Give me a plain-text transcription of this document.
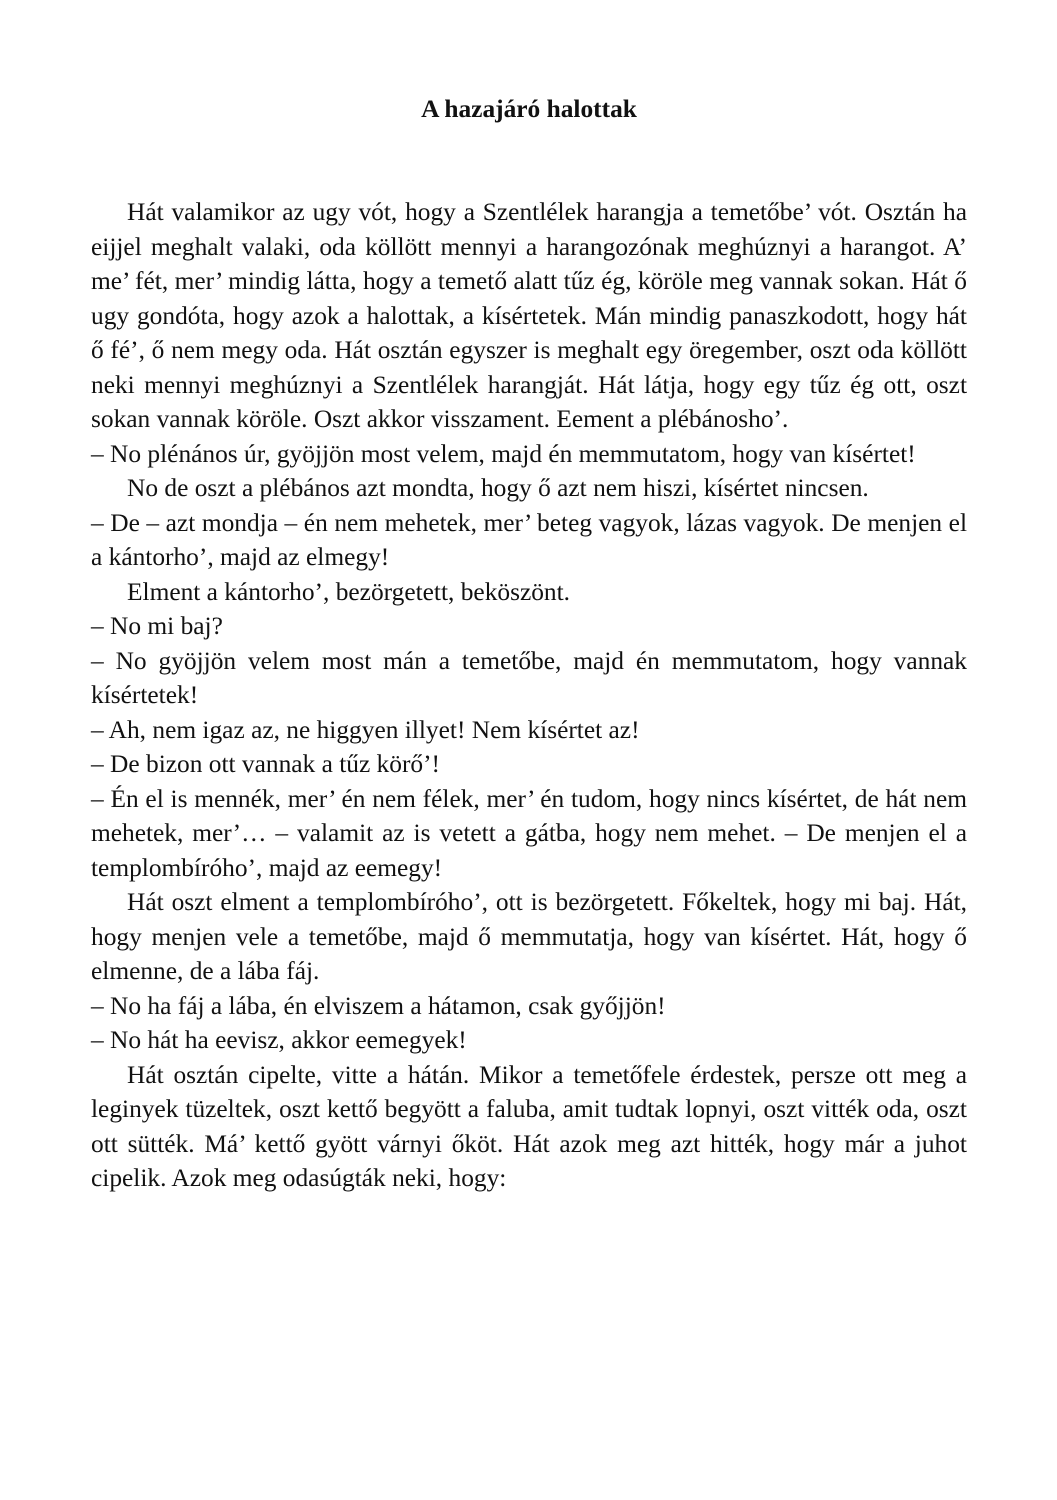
A hazajáró halottak

Hát valamikor az ugy vót, hogy a Szentlélek harangja a temetőbe’ vót. Osztán ha eijjel meghalt valaki, oda köllött mennyi a harangozónak meghúznyi a harangot. A’ me’ fét, mer’ mindig látta, hogy a temető alatt tűz ég, köröle meg vannak sokan. Hát ő ugy gondóta, hogy azok a halottak, a kísértetek. Mán mindig panaszkodott, hogy hát ő fé’, ő nem megy oda. Hát osztán egyszer is meghalt egy öregember, oszt oda köllött neki mennyi meghúznyi a Szentlélek harangját. Hát látja, hogy egy tűz ég ott, oszt sokan vannak köröle. Oszt akkor visszament. Eement a plébánosho’.

– No plénános úr, gyöjjön most velem, majd én memmutatom, hogy van kísértet!

No de oszt a plébános azt mondta, hogy ő azt nem hiszi, kísértet nincsen.

– De – azt mondja – én nem mehetek, mer’ beteg vagyok, lázas vagyok. De menjen el a kántorho’, majd az elmegy!

Elment a kántorho’, bezörgetett, beköszönt.

– No mi baj?

– No gyöjjön velem most mán a temetőbe, majd én memmutatom, hogy vannak kísértetek!

– Ah, nem igaz az, ne higgyen illyet! Nem kísértet az!

– De bizon ott vannak a tűz körő’!

– Én el is mennék, mer’ én nem félek, mer’ én tudom, hogy nincs kísértet, de hát nem mehetek, mer’… – valamit az is vetett a gátba, hogy nem mehet. – De menjen el a templombíróho’, majd az eemegy!

Hát oszt elment a templombíróho’, ott is bezörgetett. Főkeltek, hogy mi baj. Hát, hogy menjen vele a temetőbe, majd ő memmutatja, hogy van kísértet. Hát, hogy ő elmenne, de a lába fáj.

– No ha fáj a lába, én elviszem a hátamon, csak győjjön!

– No hát ha eevisz, akkor eemegyek!

Hát osztán cipelte, vitte a hátán. Mikor a temetőfele érdestek, persze ott meg a leginyek tüzeltek, oszt kettő begyött a faluba, amit tudtak lopnyi, oszt vitték oda, oszt ott sütték. Má’ kettő gyött várnyi őköt. Hát azok meg azt hitték, hogy már a juhot cipelik. Azok meg odasúgták neki, hogy:
